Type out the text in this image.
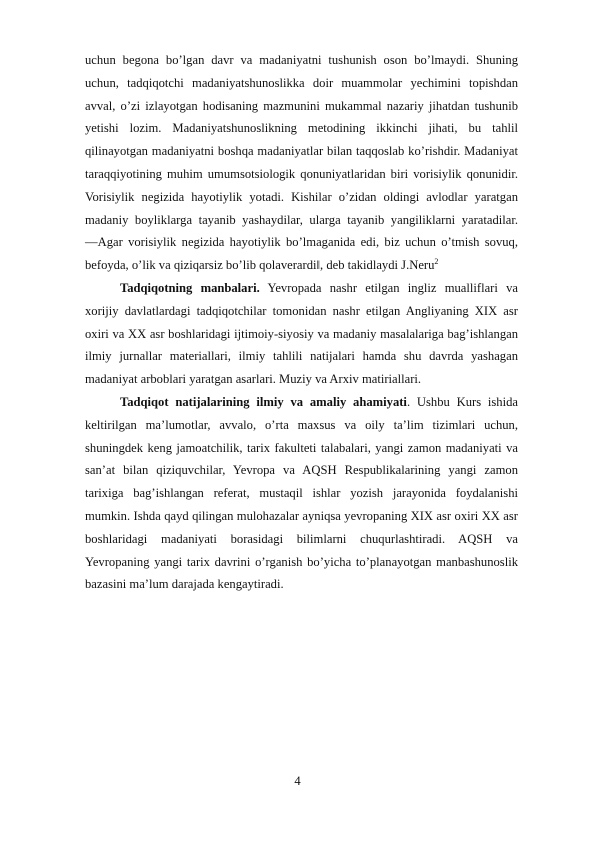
uchun begona bo’lgan davr va madaniyatni tushunish oson bo’lmaydi. Shuning uchun, tadqiqotchi madaniyatshunoslikka doir muammolar yechimini topishdan avval, o’zi izlayotgan hodisaning mazmunini mukammal nazariy jihatdan tushunib yetishi lozim. Madaniyatshunoslikning metodining ikkinchi jihati, bu tahlil qilinayotgan madaniyatni boshqa madaniyatlar bilan taqqoslab ko’rishdir. Madaniyat taraqqiyotining muhim umumsotsiologik qonuniyatlaridan biri vorisiylik qonunidir. Vorisiylik negizida hayotiylik yotadi. Kishilar o’zidan oldingi avlodlar yaratgan madaniy boyliklarga tayanib yashaydilar, ularga tayanib yangiliklarni yaratadilar. ―Agar vorisiylik negizida hayotiylik bo’lmaganida edi, biz uchun o’tmish sovuq, befoyda, o’lik va qiziqarsiz bo’lib qolaverardi‖, deb takidlaydi J.Neru$^2$

Tadqiqotning manbalari. Yevropada nashr etilgan ingliz mualliflari va xorijiy davlatlardagi tadqiqotchilar tomonidan nashr etilgan Angliyaning XIX asr oxiri va XX asr boshlaridagi ijtimoiy-siyosiy va madaniy masalalariga bag’ishlangan ilmiy jurnallar materiallari, ilmiy tahlili natijalari hamda shu davrda yashagan madaniyat arboblari yaratgan asarlari. Muziy va Arxiv matiriallari.

Tadqiqot natijalarining ilmiy va amaliy ahamiyati. Ushbu Kurs ishida keltirilgan ma’lumotlar, avvalo, o’rta maxsus va oily ta’lim tizimlari uchun, shuningdek keng jamoatchilik, tarix fakulteti talabalari, yangi zamon madaniyati va san’at bilan qiziquvchilar, Yevropa va AQSH Respublikalarining yangi zamon tarixiga bag’ishlangan referat, mustaqil ishlar yozish jarayonida foydalanishi mumkin. Ishda qayd qilingan mulohazalar ayniqsa yevropaning XIX asr oxiri XX asr boshlaridagi madaniyati borasidagi bilimlarni chuqurlashtiradi. AQSH va Yevropaning yangi tarix davrini o’rganish bo’yicha to’planayotgan manbashunoslik bazasini ma’lum darajada kengaytiradi.

4
